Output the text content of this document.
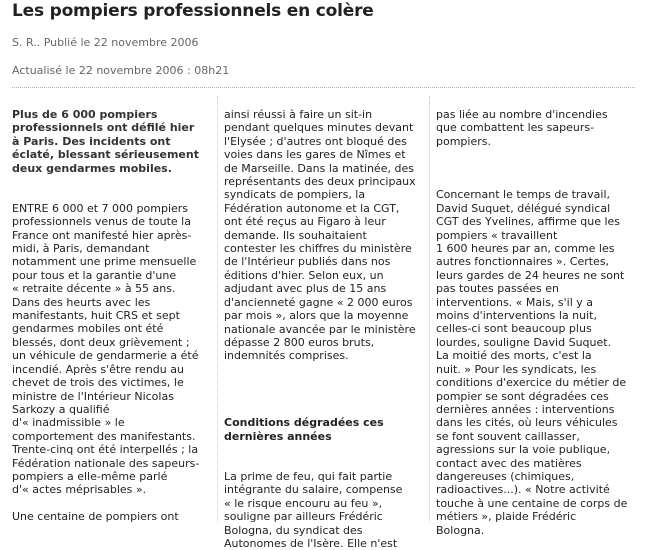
Les pompiers professionnels en colère
S. R.. Publié le 22 novembre 2006
Actualisé le 22 novembre 2006 : 08h21

Plus de 6 000 pompiers

professionnels ont défilé hier

à Paris. Des incidents ont

éclaté, blessant sérieusement

deux gendarmes mobiles.

ENTRE 6 000 et 7 000 pompiers

professionnels venus de toute la

France ont manifesté hier après-

midi, à Paris, demandant

notamment une prime mensuelle

pour tous et la garantie d'une

« retraite décente » à 55 ans.

Dans des heurts avec les

manifestants, huit CRS et sept

gendarmes mobiles ont été

blessés, dont deux grièvement ;

un véhicule de gendarmerie a été

incendié. Après s'être rendu au

chevet de trois des victimes, le

ministre de l'Intérieur Nicolas

Sarkozy a qualifié

d'« inadmissible » le

comportement des manifestants.

Trente-cinq ont été interpellés ; la

Fédération nationale des sapeurs-

pompiers a elle-même parlé

d'« actes méprisables ».

Une centaine de pompiers ont

ainsi réussi à faire un sit-in

pendant quelques minutes devant

l'Elysée ; d'autres ont bloqué des

voies dans les gares de Nîmes et

de Marseille. Dans la matinée, des

représentants des deux principaux

syndicats de pompiers, la

Fédération autonome et la CGT,

ont été reçus au Figaro à leur

demande. Ils souhaitaient

contester les chiffres du ministère

de l'Intérieur publiés dans nos

éditions d'hier. Selon eux, un

adjudant avec plus de 15 ans

d'ancienneté gagne « 2 000 euros

par mois », alors que la moyenne

nationale avancée par le ministère

dépasse 2 800 euros bruts,

indemnités comprises.

Conditions dégradées ces

dernières années

La prime de feu, qui fait partie

intégrante du salaire, compense

« le risque encouru au feu »,

souligne par ailleurs Frédéric

Bologna, du syndicat des

Autonomes de l'Isère. Elle n'est

pas liée au nombre d'incendies

que combattent les sapeurs-

pompiers.

Concernant le temps de travail,

David Suquet, délégué syndical

CGT des Yvelines, affirme que les

pompiers « travaillent

1 600 heures par an, comme les

autres fonctionnaires ». Certes,

leurs gardes de 24 heures ne sont

pas toutes passées en

interventions. « Mais, s'il y a

moins d'interventions la nuit,

celles-ci sont beaucoup plus

lourdes, souligne David Suquet.

La moitié des morts, c'est la

nuit. » Pour les syndicats, les

conditions d'exercice du métier de

pompier se sont dégradées ces

dernières années : interventions

dans les cités, où leurs véhicules

se font souvent caillasser,

agressions sur la voie publique,

contact avec des matières

dangereuses (chimiques,

radioactives...). « Notre activité

touche à une centaine de corps de

métiers », plaide Frédéric

Bologna.
